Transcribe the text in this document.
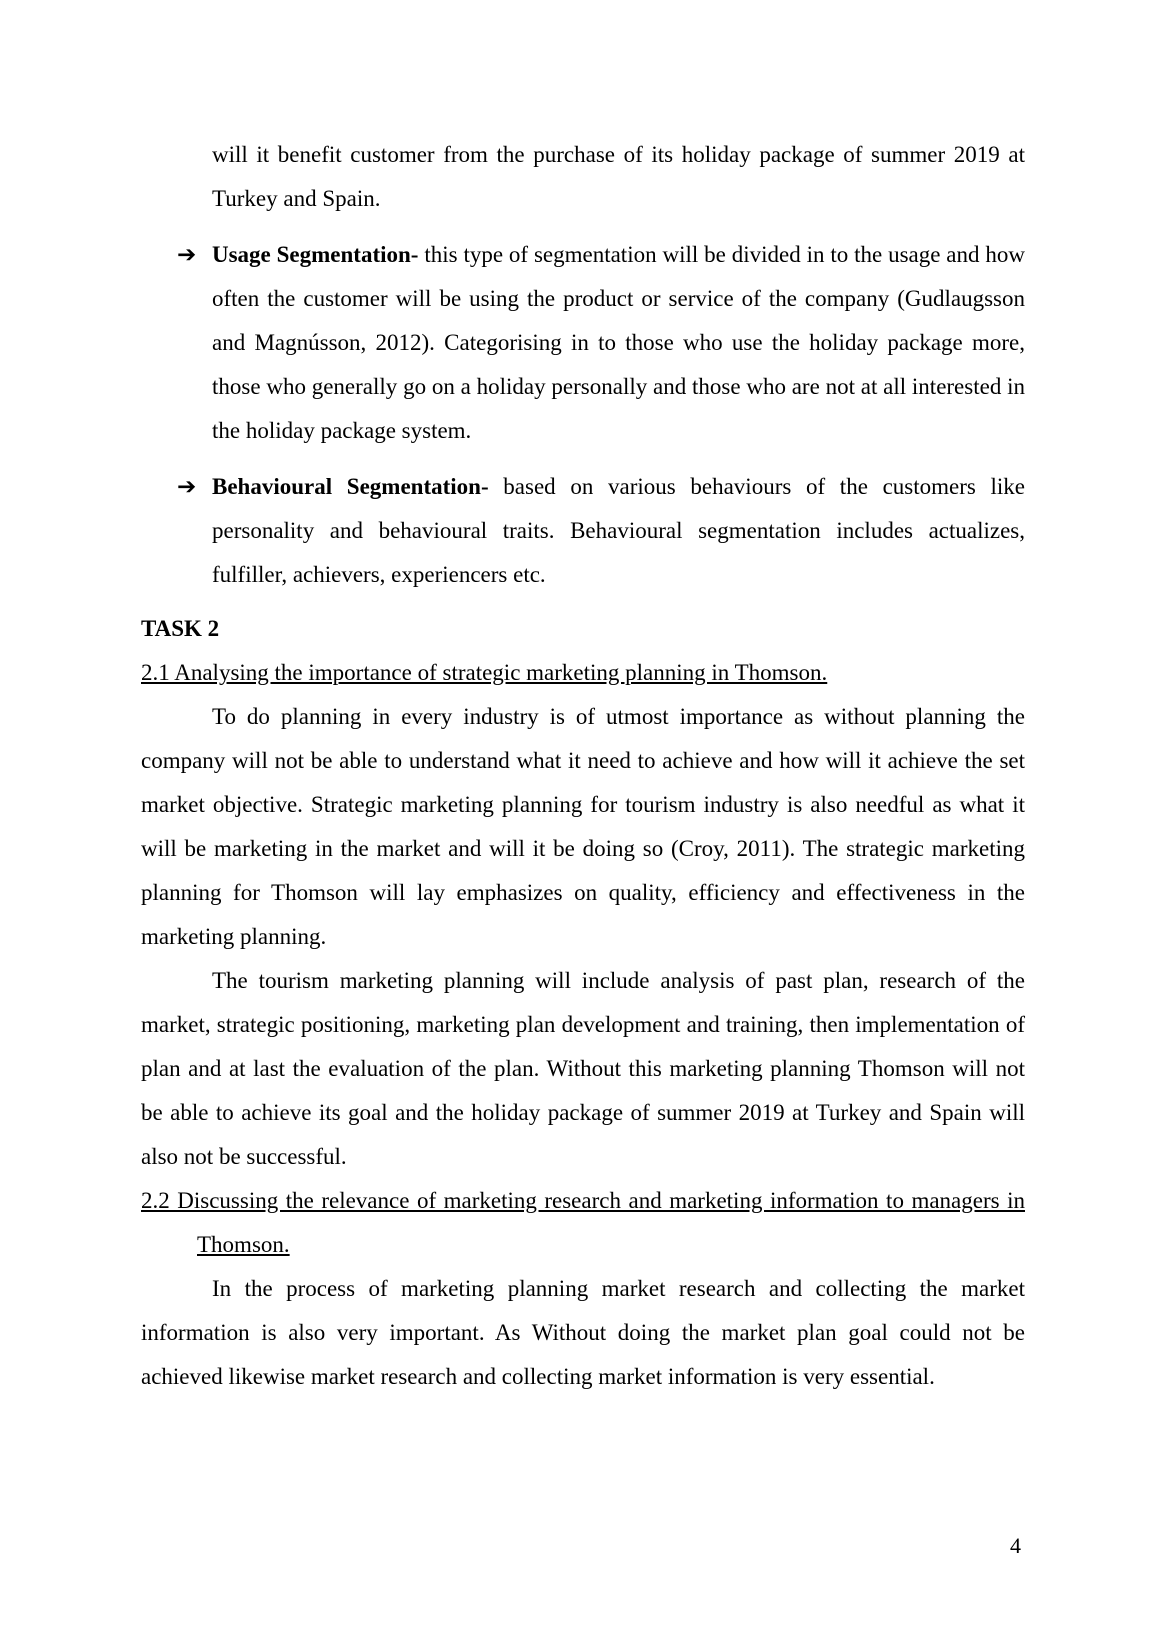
will it benefit customer from the purchase of its holiday package of summer 2019 at Turkey and Spain.

➔ Usage Segmentation- this type of segmentation will be divided in to the usage and how often the customer will be using the product or service of the company (Gudlaugsson and Magnússon, 2012). Categorising in to those who use the holiday package more, those who generally go on a holiday personally and those who are not at all interested in the holiday package system.

➔ Behavioural Segmentation- based on various behaviours of the customers like personality and behavioural traits. Behavioural segmentation includes actualizes, fulfiller, achievers, experiencers etc.

TASK 2

2.1 Analysing the importance of strategic marketing planning in Thomson.

To do planning in every industry is of utmost importance as without planning the company will not be able to understand what it need to achieve and how will it achieve the set market objective. Strategic marketing planning for tourism industry is also needful as what it will be marketing in the market and will it be doing so (Croy, 2011). The strategic marketing planning for Thomson will lay emphasizes on quality, efficiency and effectiveness in the marketing planning.

The tourism marketing planning will include analysis of past plan, research of the market, strategic positioning, marketing plan development and training, then implementation of plan and at last the evaluation of the plan. Without this marketing planning Thomson will not be able to achieve its goal and the holiday package of summer 2019 at Turkey and Spain will also not be successful.

2.2 Discussing the relevance of marketing research and marketing information to managers in Thomson.

In the process of marketing planning market research and collecting the market information is also very important. As Without doing the market plan goal could not be achieved likewise market research and collecting market information is very essential.

4
